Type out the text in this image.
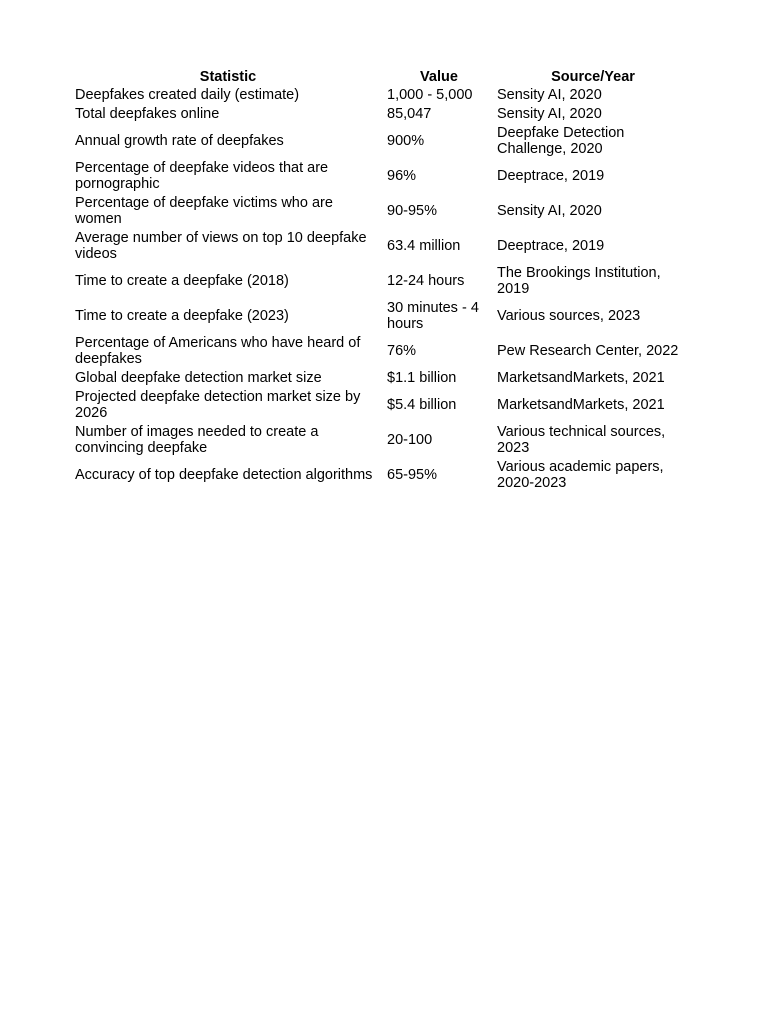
Statistic	Value	Source/Year
Deepfakes created daily (estimate)	1,000 - 5,000	Sensity AI, 2020
Total deepfakes online	85,047	Sensity AI, 2020
Annual growth rate of deepfakes	900%	Deepfake Detection Challenge, 2020
Percentage of deepfake videos that are pornographic	96%	Deeptrace, 2019
Percentage of deepfake victims who are women	90-95%	Sensity AI, 2020
Average number of views on top 10 deepfake videos	63.4 million	Deeptrace, 2019
Time to create a deepfake (2018)	12-24 hours	The Brookings Institution, 2019
Time to create a deepfake (2023)	30 minutes - 4 hours	Various sources, 2023
Percentage of Americans who have heard of deepfakes	76%	Pew Research Center, 2022
Global deepfake detection market size	$1.1 billion	MarketsandMarkets, 2021
Projected deepfake detection market size by 2026	$5.4 billion	MarketsandMarkets, 2021
Number of images needed to create a convincing deepfake	20-100	Various technical sources, 2023
Accuracy of top deepfake detection algorithms	65-95%	Various academic papers, 2020-2023
